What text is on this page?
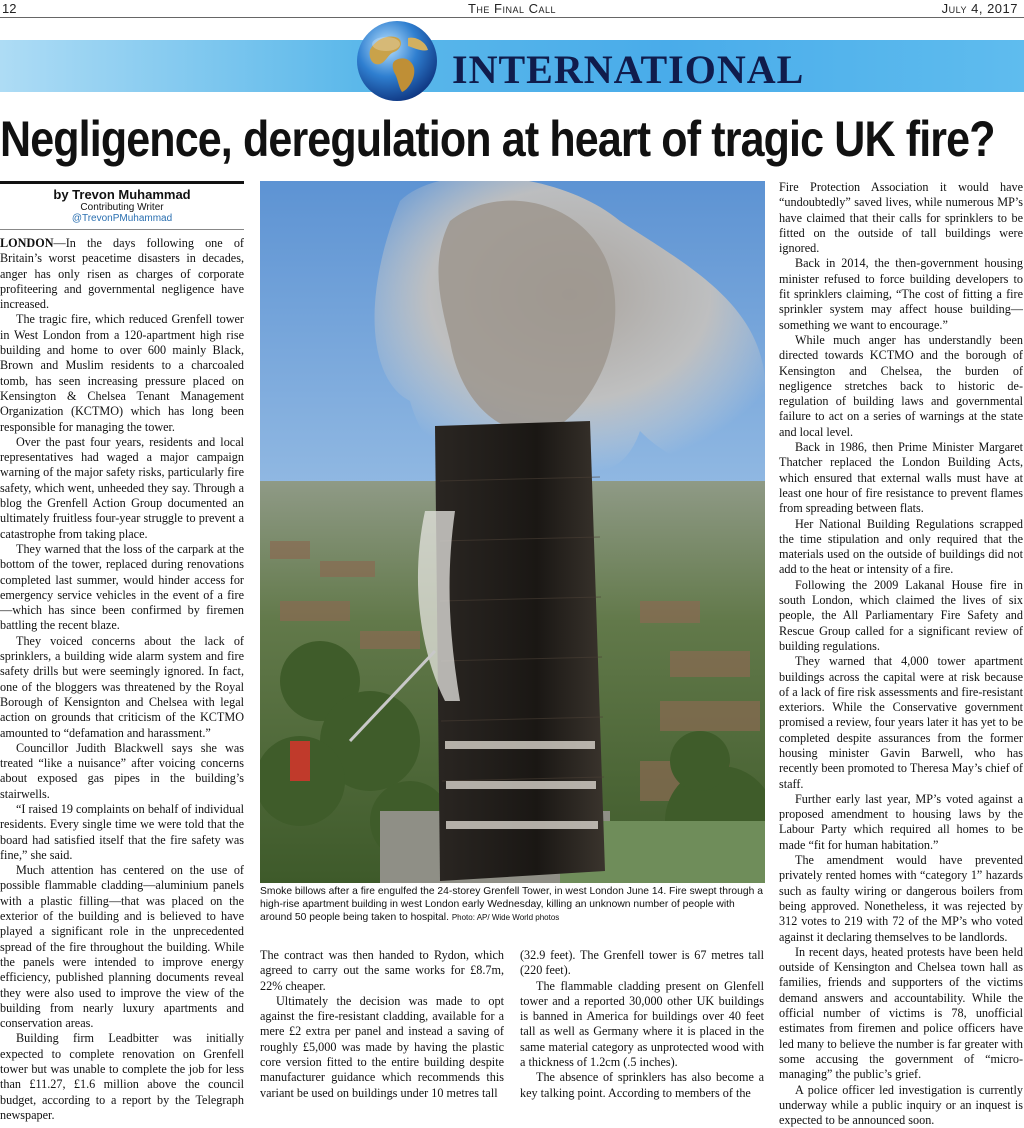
12	The Final Call	July 4, 2017
INTERNATIONAL
Negligence, deregulation at heart of tragic UK fire?
by Trevon Muhammad
Contributing Writer
@TrevonPMuhammad

LONDON—In the days following one of Britain’s worst peacetime disasters in decades, anger has only risen as charges of corporate profiteering and governmental negligence have increased.

The tragic fire, which reduced Grenfell tower in West London from a 120-apartment high rise building and home to over 600 mainly Black, Brown and Muslim residents to a charcoaled tomb, has seen increasing pressure placed on Kensington & Chelsea Tenant Management Organization (KCTMO) which has long been responsible for managing the tower.

Over the past four years, residents and local representatives had waged a major campaign warning of the major safety risks, particularly fire safety, which went, unheeded they say. Through a blog the Grenfell Action Group documented an ultimately fruitless four-year struggle to prevent a catastrophe from taking place.

They warned that the loss of the carpark at the bottom of the tower, replaced during renovations completed last summer, would hinder access for emergency service vehicles in the event of a fire—which has since been confirmed by firemen battling the recent blaze.

They voiced concerns about the lack of sprinklers, a building wide alarm system and fire safety drills but were seemingly ignored. In fact, one of the bloggers was threatened by the Royal Borough of Kensignton and Chelsea with legal action on grounds that criticism of the KCTMO amounted to “defamation and harassment.”

Councillor Judith Blackwell says she was treated “like a nuisance” after voicing concerns about exposed gas pipes in the building’s stairwells.

“I raised 19 complaints on behalf of individual residents. Every single time we were told that the board had satisfied itself that the fire safety was fine,” she said.

Much attention has centered on the use of possible flammable cladding—aluminium panels with a plastic filling—that was placed on the exterior of the building and is believed to have played a significant role in the unprecedented spread of the fire throughout the building. While the panels were intended to improve energy efficiency, published planning documents reveal they were also used to improve the view of the building from nearly luxury apartments and conservation areas.

Building firm Leadbitter was initially expected to complete renovation on Grenfell tower but was unable to complete the job for less than £11.27, £1.6 million above the council budget, according to a report by the Telegraph newspaper.

Smoke billows after a fire engulfed the 24-storey Grenfell Tower, in west London June 14. Fire swept through a high-rise apartment building in west London early Wednesday, killing an unknown number of people with around 50 people being taken to hospital. Photo: AP/ Wide World photos

The contract was then handed to Rydon, which agreed to carry out the same works for £8.7m, 22% cheaper.

Ultimately the decision was made to opt against the fire-resistant cladding, available for a mere £2 extra per panel and instead a saving of roughly £5,000 was made by having the plastic core version fitted to the entire building despite manufacturer guidance which recommends this variant be used on buildings under 10 metres tall

(32.9 feet). The Grenfell tower is 67 metres tall (220 feet).

The flammable cladding present on Glenfell tower and a reported 30,000 other UK buildings is banned in America for buildings over 40 feet tall as well as Germany where it is placed in the same material category as unprotected wood with a thickness of 1.2cm (.5 inches).

The absence of sprinklers has also become a key talking point. According to members of the

Fire Protection Association it would have “undoubtedly” saved lives, while numerous MP’s have claimed that their calls for sprinklers to be fitted on the outside of tall buildings were ignored.

Back in 2014, the then-government housing minister refused to force building developers to fit sprinklers claiming, “The cost of fitting a fire sprinkler system may affect house building—something we want to encourage.”

While much anger has understandly been directed towards KCTMO and the borough of Kensington and Chelsea, the burden of negligence stretches back to historic de-regulation of building laws and governmental failure to act on a series of warnings at the state and local level.

Back in 1986, then Prime Minister Margaret Thatcher replaced the London Building Acts, which ensured that external walls must have at least one hour of fire resistance to prevent flames from spreading between flats.

Her National Building Regulations scrapped the time stipulation and only required that the materials used on the outside of buildings did not add to the heat or intensity of a fire.

Following the 2009 Lakanal House fire in south London, which claimed the lives of six people, the All Parliamentary Fire Safety and Rescue Group called for a significant review of building regulations.

They warned that 4,000 tower apartment buildings across the capital were at risk because of a lack of fire risk assessments and fire-resistant exteriors. While the Conservative government promised a review, four years later it has yet to be completed despite assurances from the former housing minister Gavin Barwell, who has recently been promoted to Theresa May’s chief of staff.

Further early last year, MP’s voted against a proposed amendment to housing laws by the Labour Party which required all homes to be made “fit for human habitation.”

The amendment would have prevented privately rented homes with “category 1” hazards such as faulty wiring or dangerous boilers from being approved. Nonetheless, it was rejected by 312 votes to 219 with 72 of the MP’s who voted against it declaring themselves to be landlords.

In recent days, heated protests have been held outside of Kensington and Chelsea town hall as families, friends and supporters of the victims demand answers and accountability. While the official number of victims is 78, unofficial estimates from firemen and police officers have led many to believe the number is far greater with some accusing the government of “micro-managing” the public’s grief.

A police officer led investigation is currently underway while a public inquiry or an inquest is expected to be announced soon.
